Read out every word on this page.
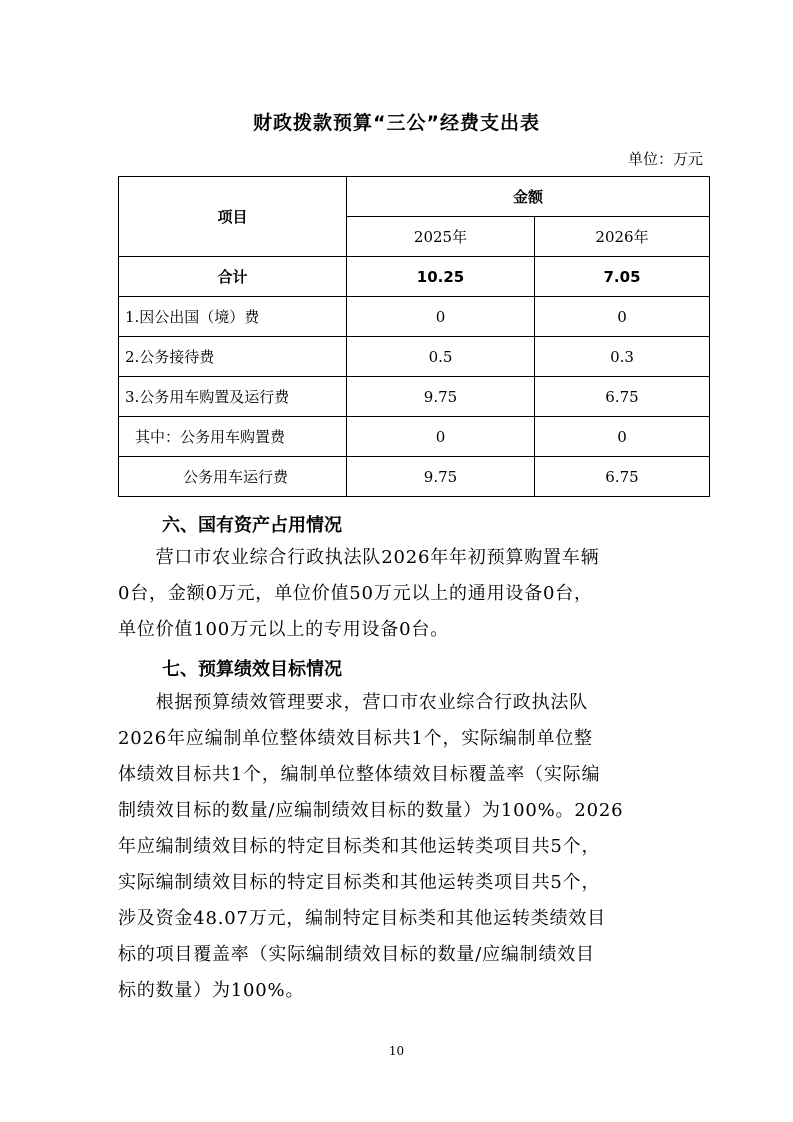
财政拨款预算“三公”经费支出表
单位：万元
项目	金额	
	2025年	2026年
合计	10.25	7.05
1.因公出国（境）费	0	0
2.公务接待费	0.5	0.3
3.公务用车购置及运行费	9.75	6.75
其中：公务用车购置费	0	0
公务用车运行费	9.75	6.75
六、国有资产占用情况

　　营口市农业综合行政执法队2026年年初预算购置车辆

0台，金额0万元，单位价值50万元以上的通用设备0台，

单位价值100万元以上的专用设备0台。

七、预算绩效目标情况

　　根据预算绩效管理要求，营口市农业综合行政执法队

2026年应编制单位整体绩效目标共1个，实际编制单位整

体绩效目标共1个，编制单位整体绩效目标覆盖率（实际编

制绩效目标的数量/应编制绩效目标的数量）为100%。2026

年应编制绩效目标的特定目标类和其他运转类项目共5个，

实际编制绩效目标的特定目标类和其他运转类项目共5个，

涉及资金48.07万元，编制特定目标类和其他运转类绩效目

标的项目覆盖率（实际编制绩效目标的数量/应编制绩效目

标的数量）为100%。

10
